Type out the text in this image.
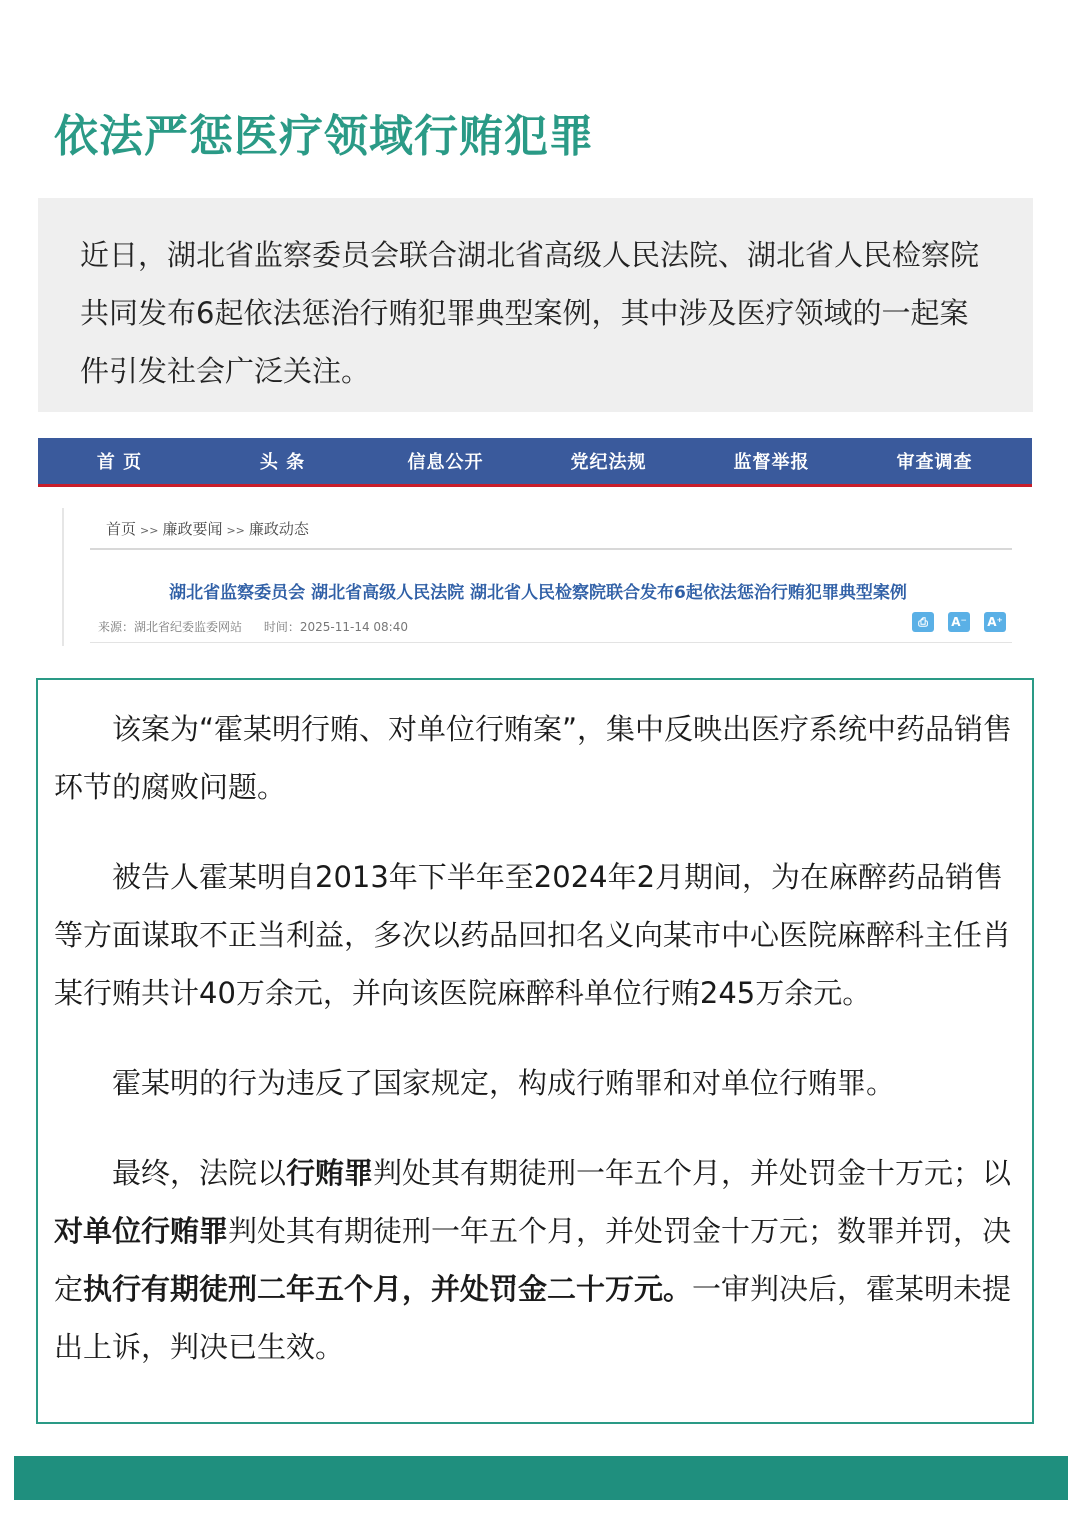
依法严惩医疗领域行贿犯罪

近日，湖北省监察委员会联合湖北省高级人民法院、湖北省人民检察院共同发布6起依法惩治行贿犯罪典型案例，其中涉及医疗领域的一起案件引发社会广泛关注。

首 页	头 条	信息公开	党纪法规	监督举报	审查调查
首页 >> 廉政要闻 >> 廉政动态
湖北省监察委员会 湖北省高级人民法院 湖北省人民检察院联合发布6起依法惩治行贿犯罪典型案例
来源：湖北省纪委监委网站 时间：2025-11-14 08:40	⎙	A⁻ A⁺

该案为“霍某明行贿、对单位行贿案”，集中反映出医疗系统中药品销售环节的腐败问题。

被告人霍某明自2013年下半年至2024年2月期间，为在麻醉药品销售等方面谋取不正当利益，多次以药品回扣名义向某市中心医院麻醉科主任肖某行贿共计40万余元，并向该医院麻醉科单位行贿245万余元。

霍某明的行为违反了国家规定，构成行贿罪和对单位行贿罪。

最终，法院以行贿罪判处其有期徒刑一年五个月，并处罚金十万元；以对单位行贿罪判处其有期徒刑一年五个月，并处罚金十万元；数罪并罚，决定执行有期徒刑二年五个月，并处罚金二十万元。一审判决后，霍某明未提出上诉，判决已生效。
